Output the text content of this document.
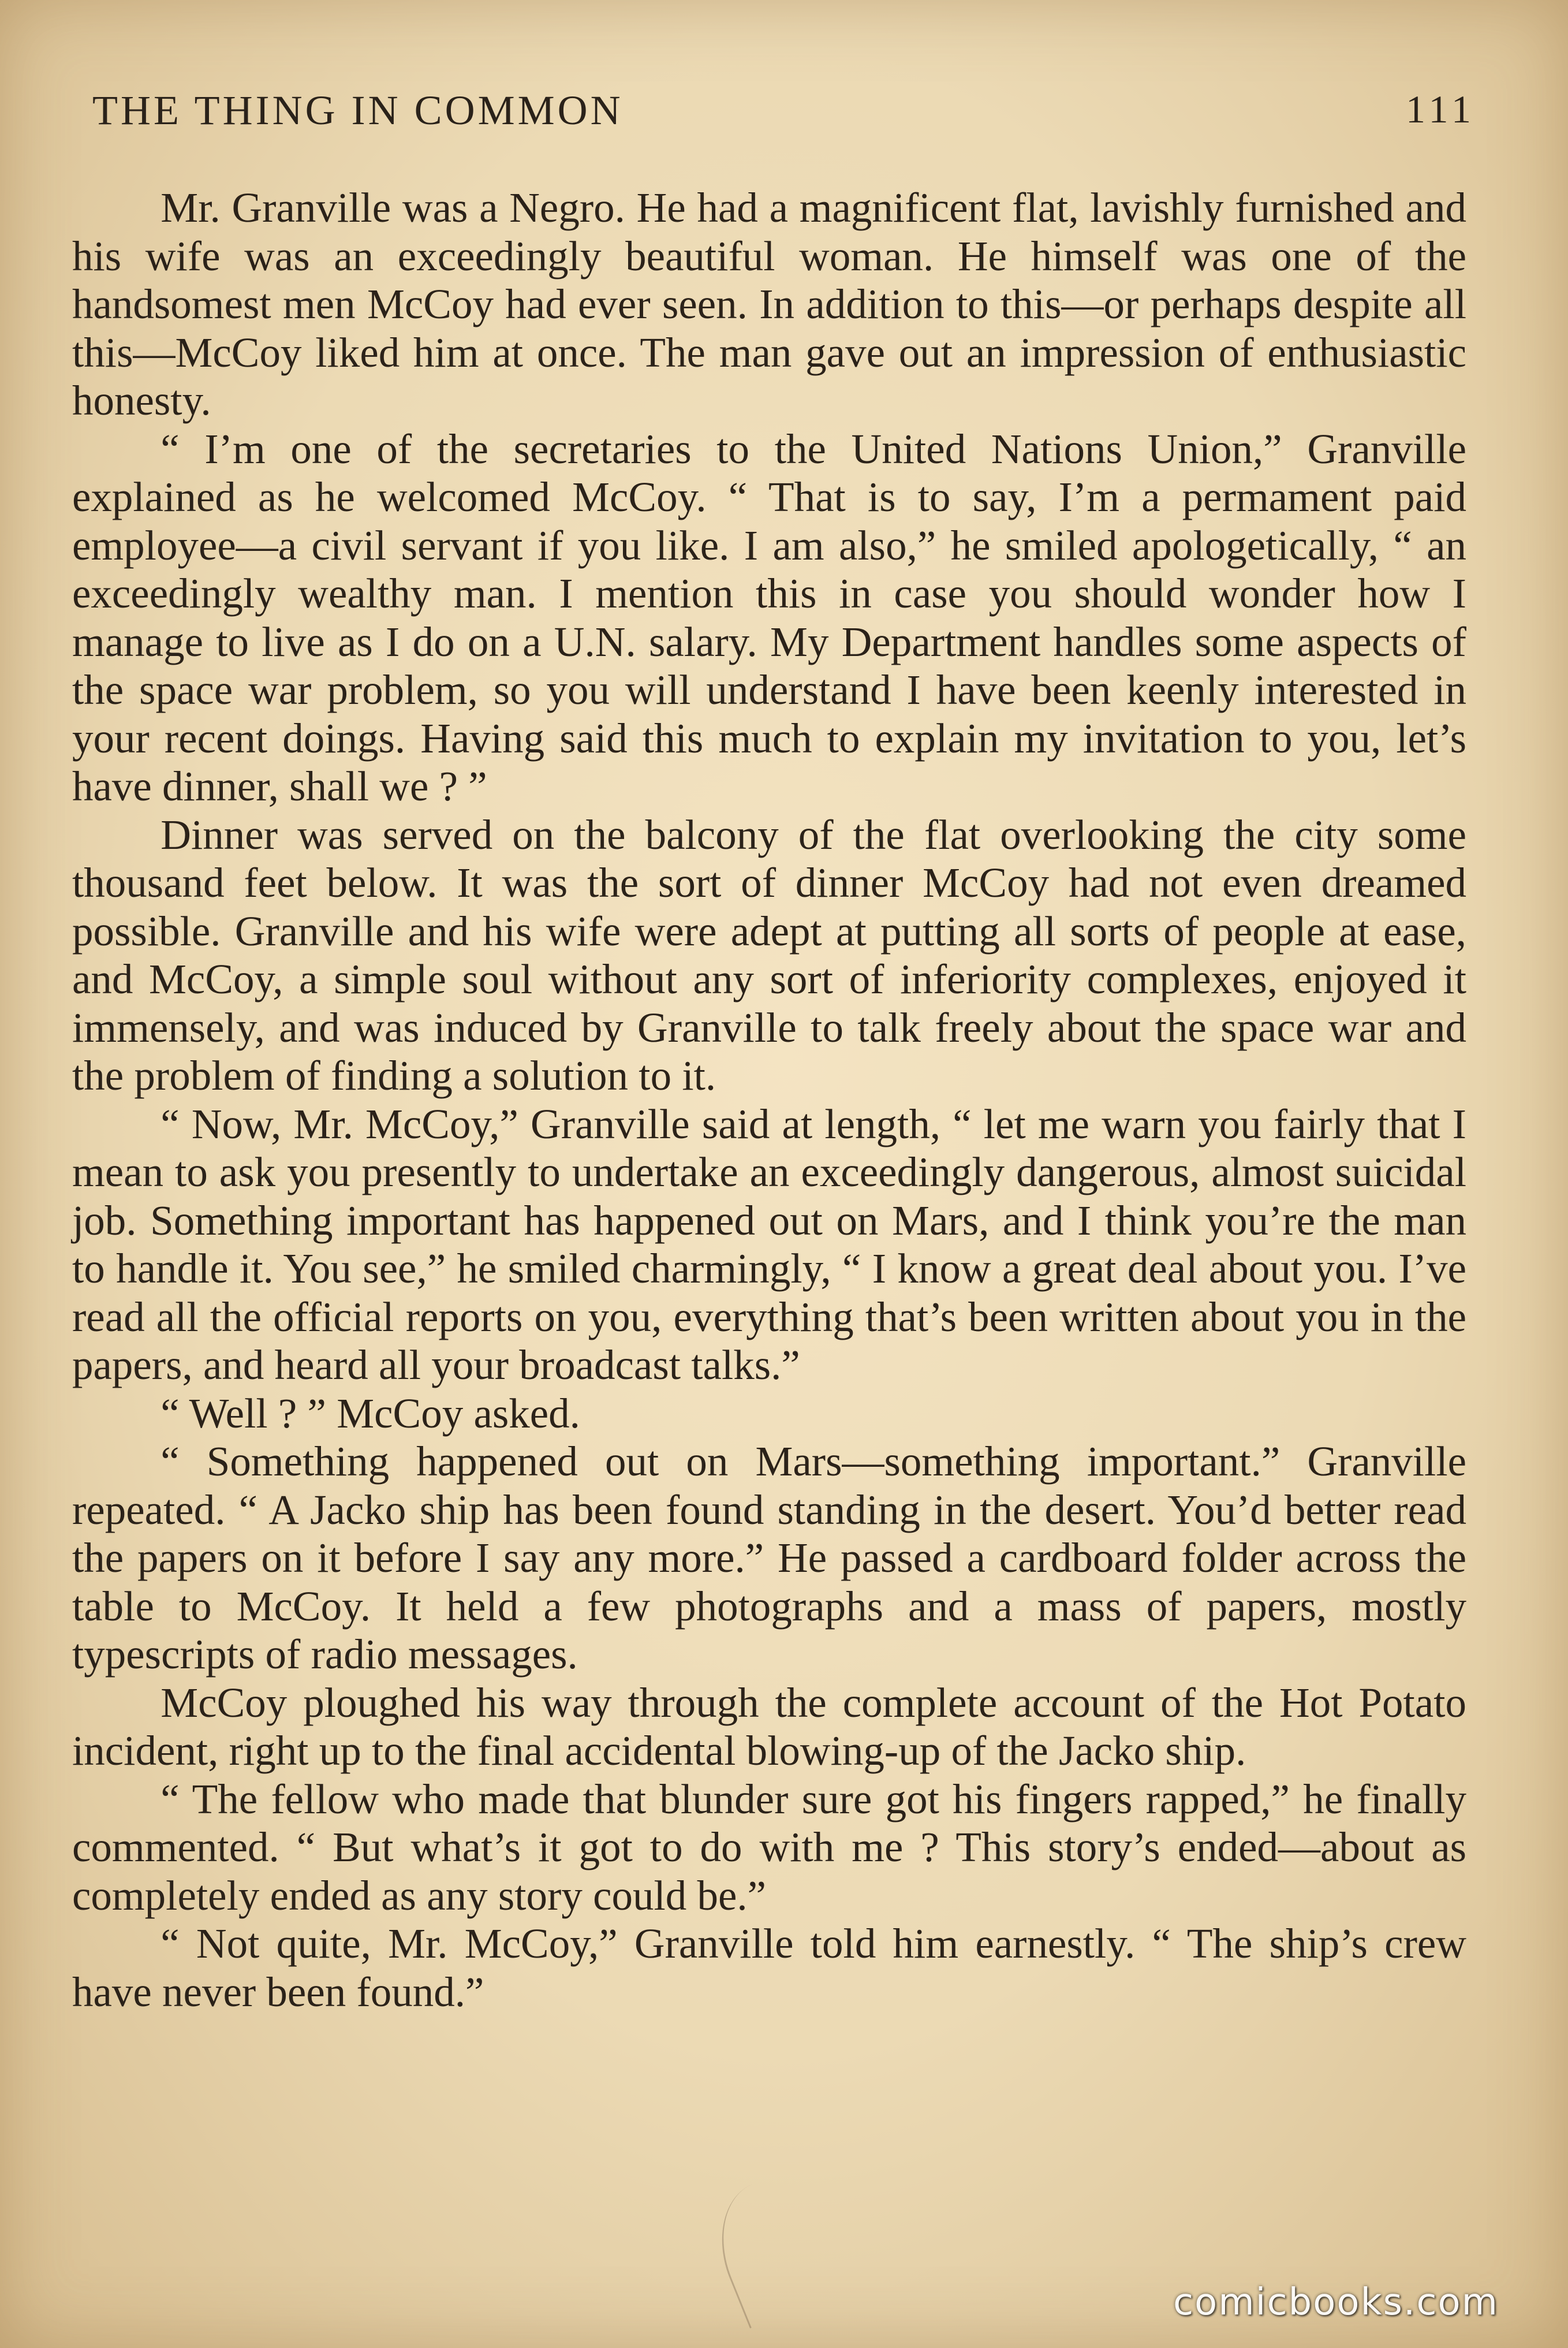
THE THING IN COMMON	111

Mr. Granville was a Negro. He had a magnificent flat, lavishly furnished and his wife was an exceedingly beautiful woman. He himself was one of the handsomest men McCoy had ever seen. In addition to this—or perhaps despite all this—McCoy liked him at once. The man gave out an impression of enthusiastic honesty.

“ I’m one of the secretaries to the United Nations Union,” Granville explained as he welcomed McCoy. “ That is to say, I’m a permament paid employee—a civil servant if you like. I am also,” he smiled apologetically, “ an exceedingly wealthy man. I mention this in case you should wonder how I manage to live as I do on a U.N. salary. My Department handles some aspects of the space war problem, so you will understand I have been keenly interested in your recent doings. Having said this much to explain my invitation to you, let’s have dinner, shall we ? ”

Dinner was served on the balcony of the flat overlooking the city some thousand feet below. It was the sort of dinner McCoy had not even dreamed possible. Granville and his wife were adept at putting all sorts of people at ease, and McCoy, a simple soul without any sort of inferiority complexes, enjoyed it immensely, and was induced by Granville to talk freely about the space war and the problem of finding a solution to it.

“ Now, Mr. McCoy,” Granville said at length, “ let me warn you fairly that I mean to ask you presently to undertake an exceedingly dangerous, almost suicidal job. Something important has happened out on Mars, and I think you’re the man to handle it. You see,” he smiled charmingly, “ I know a great deal about you. I’ve read all the official reports on you, everything that’s been written about you in the papers, and heard all your broadcast talks.”

“ Well ? ” McCoy asked.

“ Something happened out on Mars—something important.” Granville repeated. “ A Jacko ship has been found standing in the desert. You’d better read the papers on it before I say any more.” He passed a cardboard folder across the table to McCoy. It held a few photographs and a mass of papers, mostly typescripts of radio messages.

McCoy ploughed his way through the complete account of the Hot Potato incident, right up to the final accidental blowing-up of the Jacko ship.

“ The fellow who made that blunder sure got his fingers rapped,” he finally commented. “ But what’s it got to do with me ? This story’s ended—about as completely ended as any story could be.”

“ Not quite, Mr. McCoy,” Granville told him earnestly. “ The ship’s crew have never been found.”

comicbooks.com
